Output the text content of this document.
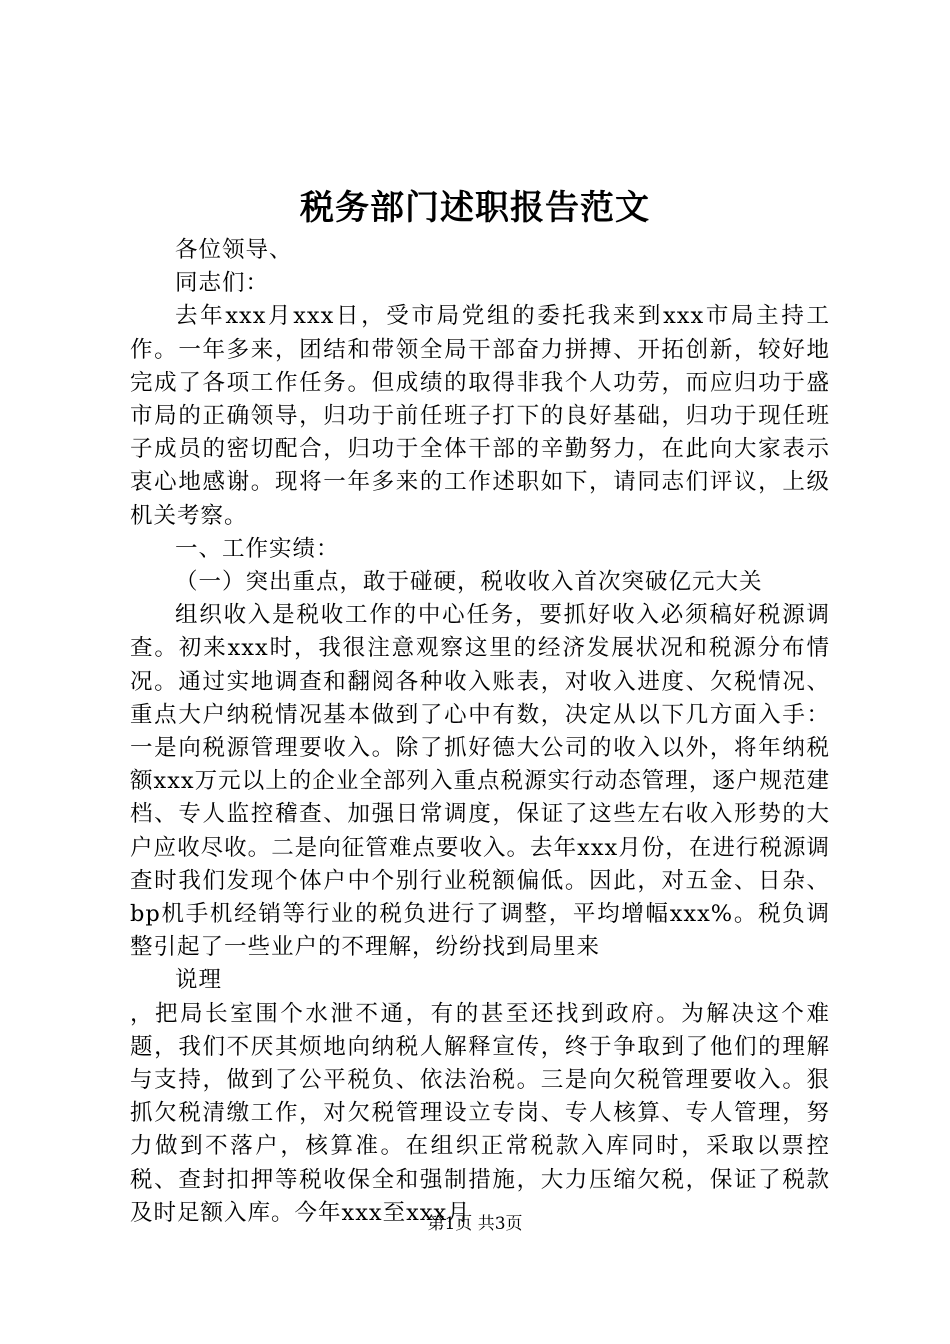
税务部门述职报告范文

各位领导、

同志们：

去年xxx月xxx日，受市局党组的委托我来到xxx市局主持工作。一年多来，团结和带领全局干部奋力拼搏、开拓创新，较好地完成了各项工作任务。但成绩的取得非我个人功劳，而应归功于盛市局的正确领导，归功于前任班子打下的良好基础，归功于现任班子成员的密切配合，归功于全体干部的辛勤努力，在此向大家表示衷心地感谢。现将一年多来的工作述职如下，请同志们评议，上级机关考察。

一、工作实绩：

（一）突出重点，敢于碰硬，税收收入首次突破亿元大关

组织收入是税收工作的中心任务，要抓好收入必须稿好税源调查。初来xxx时，我很注意观察这里的经济发展状况和税源分布情况。通过实地调查和翻阅各种收入账表，对收入进度、欠税情况、重点大户纳税情况基本做到了心中有数，决定从以下几方面入手：一是向税源管理要收入。除了抓好德大公司的收入以外，将年纳税额xxx万元以上的企业全部列入重点税源实行动态管理，逐户规范建档、专人监控稽查、加强日常调度，保证了这些左右收入形势的大户应收尽收。二是向征管难点要收入。去年xxx月份，在进行税源调查时我们发现个体户中个别行业税额偏低。因此，对五金、日杂、bp机手机经销等行业的税负进行了调整，平均增幅xxx%。税负调整引起了一些业户的不理解，纷纷找到局里来

说理

，把局长室围个水泄不通，有的甚至还找到政府。为解决这个难题，我们不厌其烦地向纳税人解释宣传，终于争取到了他们的理解与支持，做到了公平税负、依法治税。三是向欠税管理要收入。狠抓欠税清缴工作，对欠税管理设立专岗、专人核算、专人管理，努力做到不落户，核算准。在组织正常税款入库同时，采取以票控税、查封扣押等税收保全和强制措施，大力压缩欠税，保证了税款及时足额入库。今年xxx至xxx月

第1页 共3页
